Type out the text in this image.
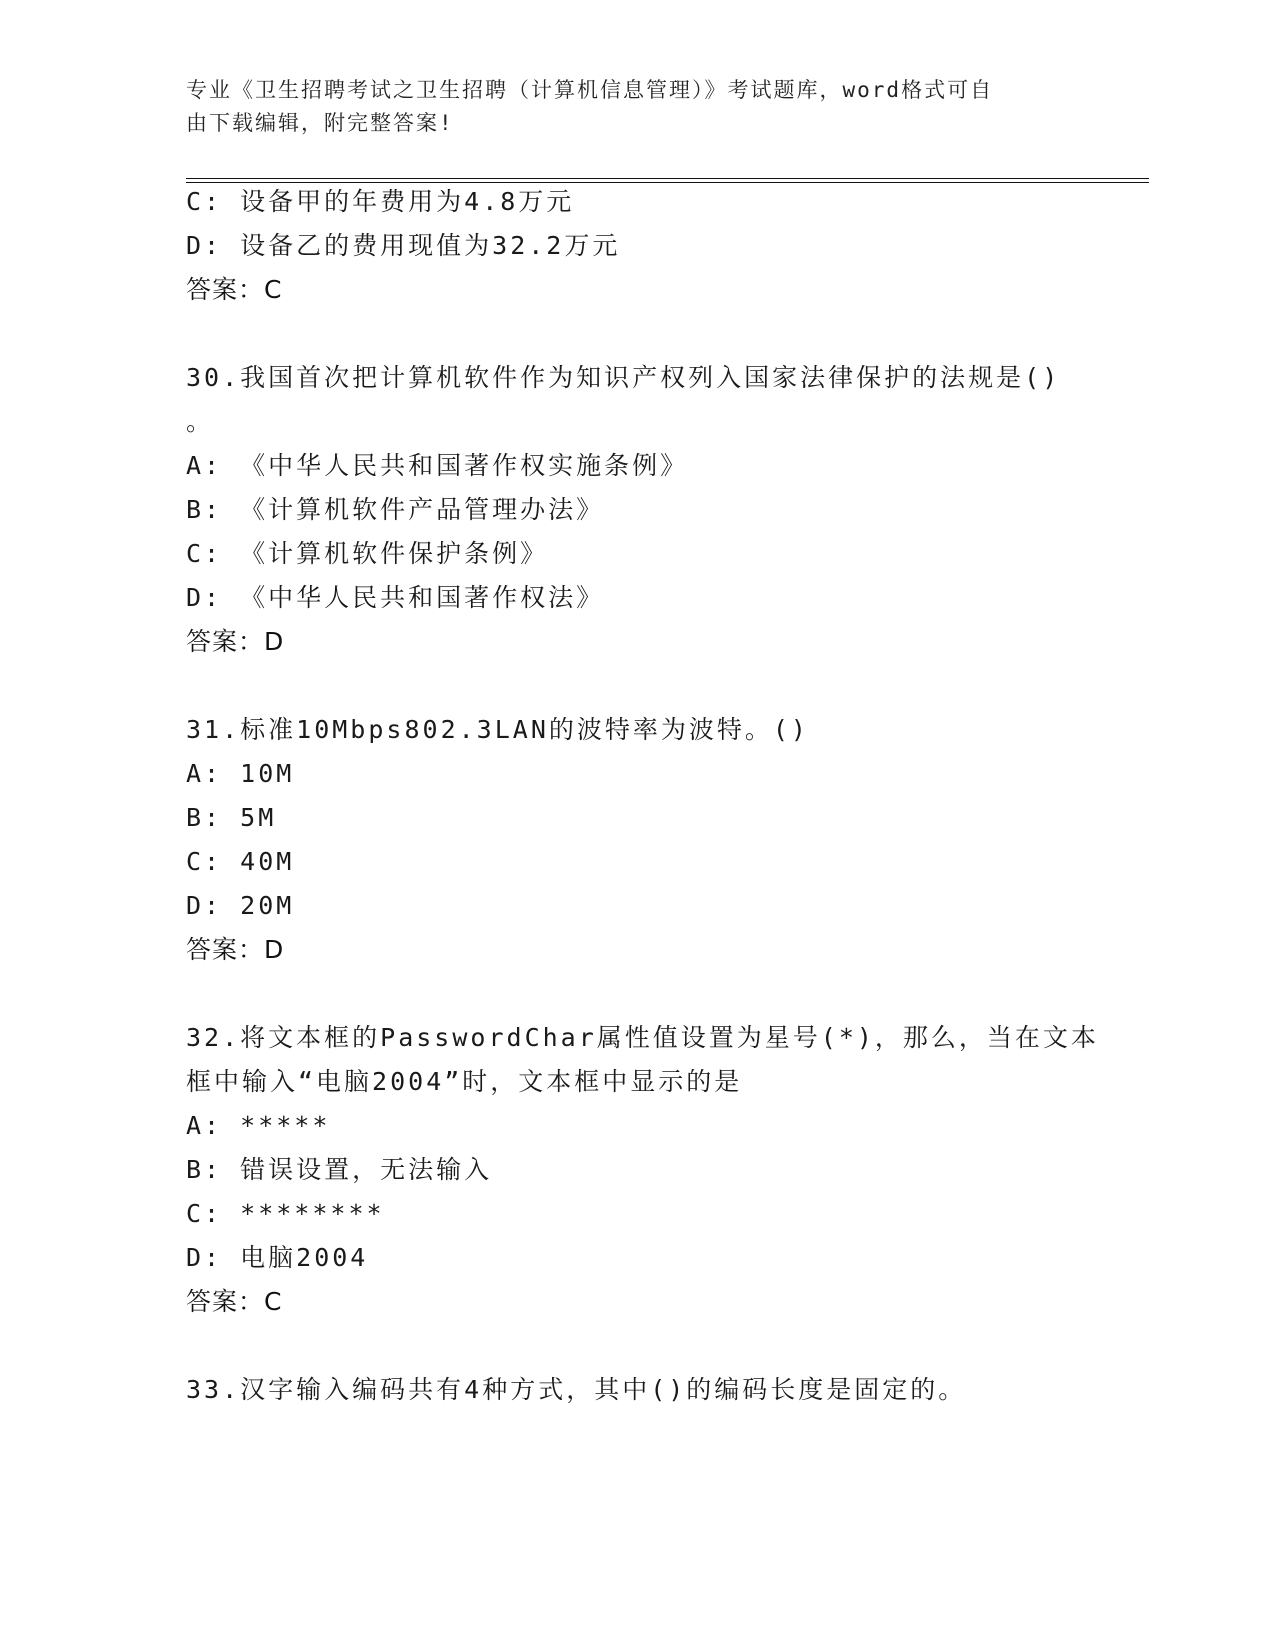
专业《卫生招聘考试之卫生招聘（计算机信息管理）》考试题库，word格式可自
由下载编辑，附完整答案!
C: 设备甲的年费用为4.8万元
D: 设备乙的费用现值为32.2万元
答案：C
30.我国首次把计算机软件作为知识产权列入国家法律保护的法规是()
。
A: 《中华人民共和国著作权实施条例》
B: 《计算机软件产品管理办法》
C: 《计算机软件保护条例》
D: 《中华人民共和国著作权法》
答案：D
31.标准10Mbps802.3LAN的波特率为波特。()
A: 10M
B: 5M
C: 40M
D: 20M
答案：D
32.将文本框的PasswordChar属性值设置为星号(*)，那么，当在文本
框中输入“电脑2004”时，文本框中显示的是
A: *****
B: 错误设置，无法输入
C: ********
D: 电脑2004
答案：C
33.汉字输入编码共有4种方式，其中()的编码长度是固定的。
